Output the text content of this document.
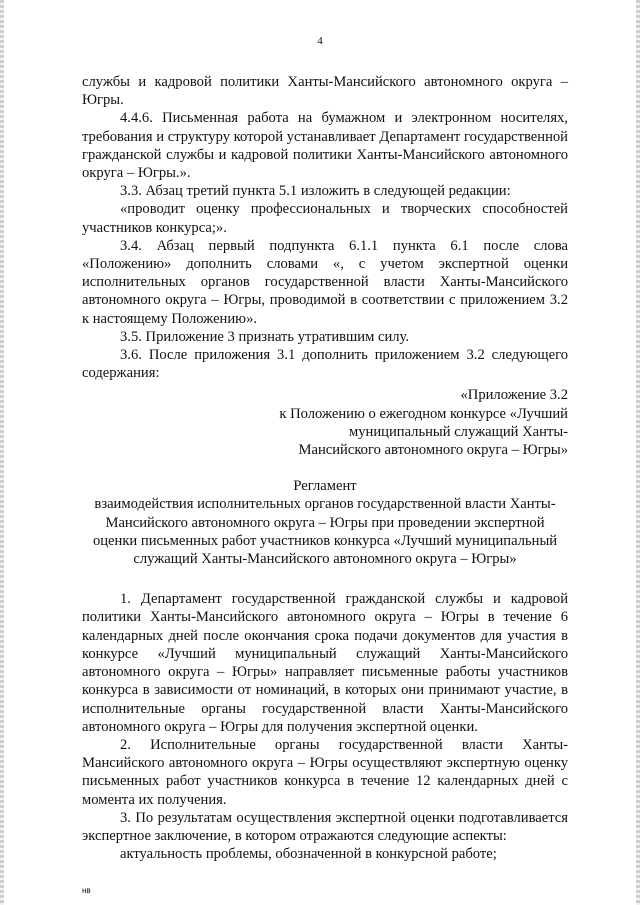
4

службы и кадровой политики Ханты-Мансийского автономного округа – Югры.

4.4.6. Письменная работа на бумажном и электронном носителях, требования и структуру которой устанавливает Департамент государственной гражданской службы и кадровой политики Ханты-Мансийского автономного округа – Югры.».

3.3. Абзац третий пункта 5.1 изложить в следующей редакции:

«проводит оценку профессиональных и творческих способностей участников конкурса;».

3.4. Абзац первый подпункта 6.1.1 пункта 6.1 после слова «Положению» дополнить словами «, с учетом экспертной оценки исполнительных органов государственной власти Ханты-Мансийского автономного округа – Югры, проводимой в соответствии с приложением 3.2 к настоящему Положению».

3.5. Приложение 3 признать утратившим силу.

3.6. После приложения 3.1 дополнить приложением 3.2 следующего содержания:

«Приложение 3.2
к Положению о ежегодном конкурсе «Лучший
муниципальный служащий Ханты-
Мансийского автономного округа – Югры»
Регламент
взаимодействия исполнительных органов государственной власти Ханты-
Мансийского автономного округа – Югры при проведении экспертной
оценки письменных работ участников конкурса «Лучший муниципальный
служащий Ханты-Мансийского автономного округа – Югры»

1. Департамент государственной гражданской службы и кадровой политики Ханты-Мансийского автономного округа – Югры в течение 6 календарных дней после окончания срока подачи документов для участия в конкурсе «Лучший муниципальный служащий Ханты-Мансийского автономного округа – Югры» направляет письменные работы участников конкурса в зависимости от номинаций, в которых они принимают участие, в исполнительные органы государственной власти Ханты-Мансийского автономного округа – Югры для получения экспертной оценки.

2. Исполнительные органы государственной власти Ханты-Мансийского автономного округа – Югры осуществляют экспертную оценку письменных работ участников конкурса в течение 12 календарных дней с момента их получения.

3. По результатам осуществления экспертной оценки подготавливается экспертное заключение, в котором отражаются следующие аспекты:

актуальность проблемы, обозначенной в конкурсной работе;

нв
